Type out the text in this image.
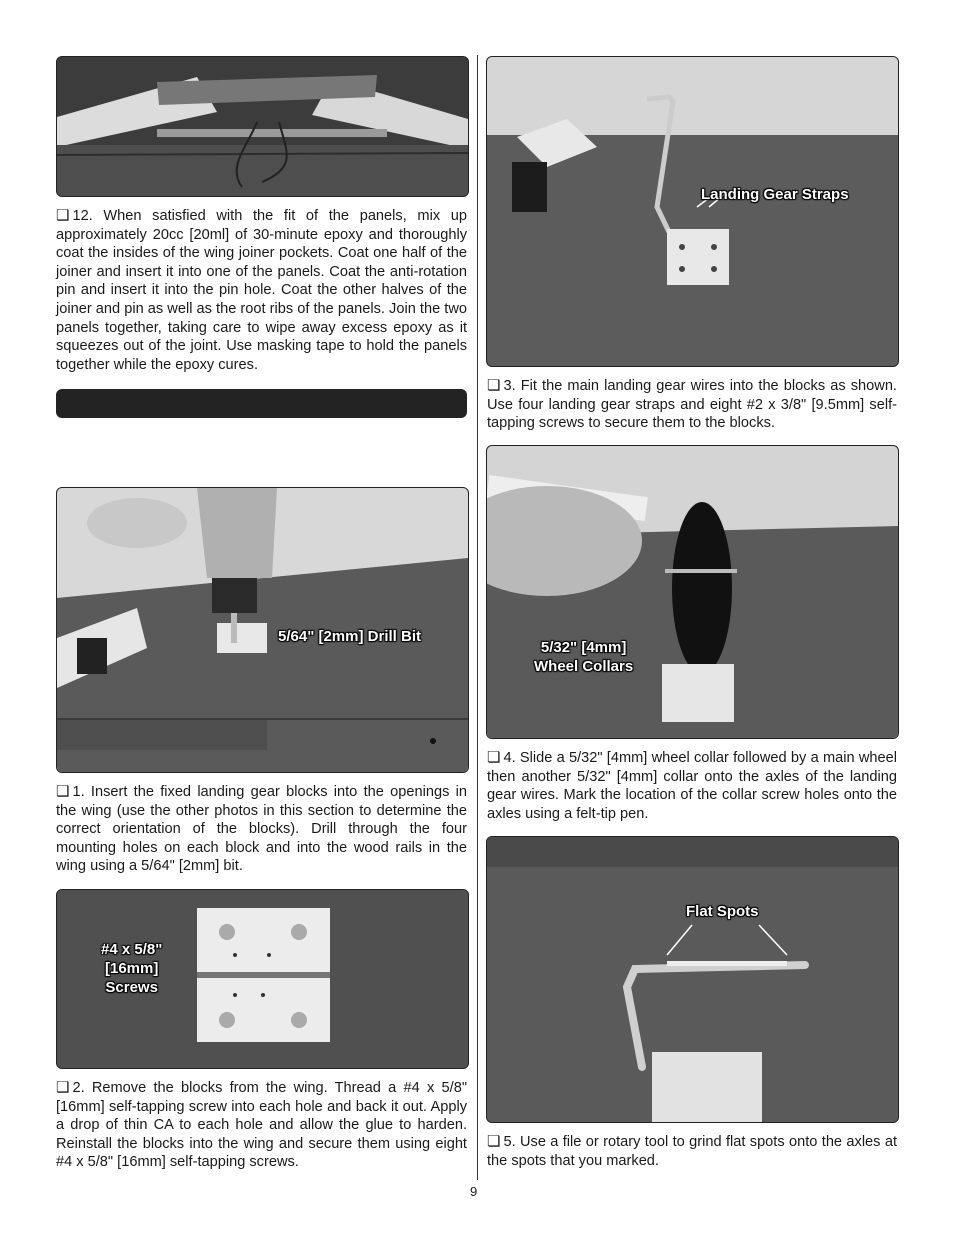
❏ 12. When satisfied with the fit of the panels, mix up approximately 20cc [20ml] of 30-minute epoxy and thoroughly coat the insides of the wing joiner pockets. Coat one half of the joiner and insert it into one of the panels. Coat the anti-rotation pin and insert it into the pin hole. Coat the other halves of the joiner and pin as well as the root ribs of the panels. Join the two panels together, taking care to wipe away excess epoxy as it squeezes out of the joint. Use masking tape to hold the panels together while the epoxy cures.

5/64" [2mm] Drill Bit

❏ 1. Insert the fixed landing gear blocks into the openings in the wing (use the other photos in this section to determine the correct orientation of the blocks). Drill through the four mounting holes on each block and into the wood rails in the wing using a 5/64" [2mm] bit.

#4 x 5/8"
[16mm]
Screws

❏ 2. Remove the blocks from the wing. Thread a #4 x 5/8" [16mm] self-tapping screw into each hole and back it out. Apply a drop of thin CA to each hole and allow the glue to harden. Reinstall the blocks into the wing and secure them using eight #4 x 5/8" [16mm] self-tapping screws.

Landing Gear Straps

❏ 3. Fit the main landing gear wires into the blocks as shown. Use four landing gear straps and eight #2 x 3/8" [9.5mm] self-tapping screws to secure them to the blocks.

5/32" [4mm]
Wheel Collars

❏ 4. Slide a 5/32" [4mm] wheel collar followed by a main wheel then another 5/32" [4mm] collar onto the axles of the landing gear wires. Mark the location of the collar screw holes onto the axles using a felt-tip pen.

Flat Spots

❏ 5. Use a file or rotary tool to grind flat spots onto the axles at the spots that you marked.

9
